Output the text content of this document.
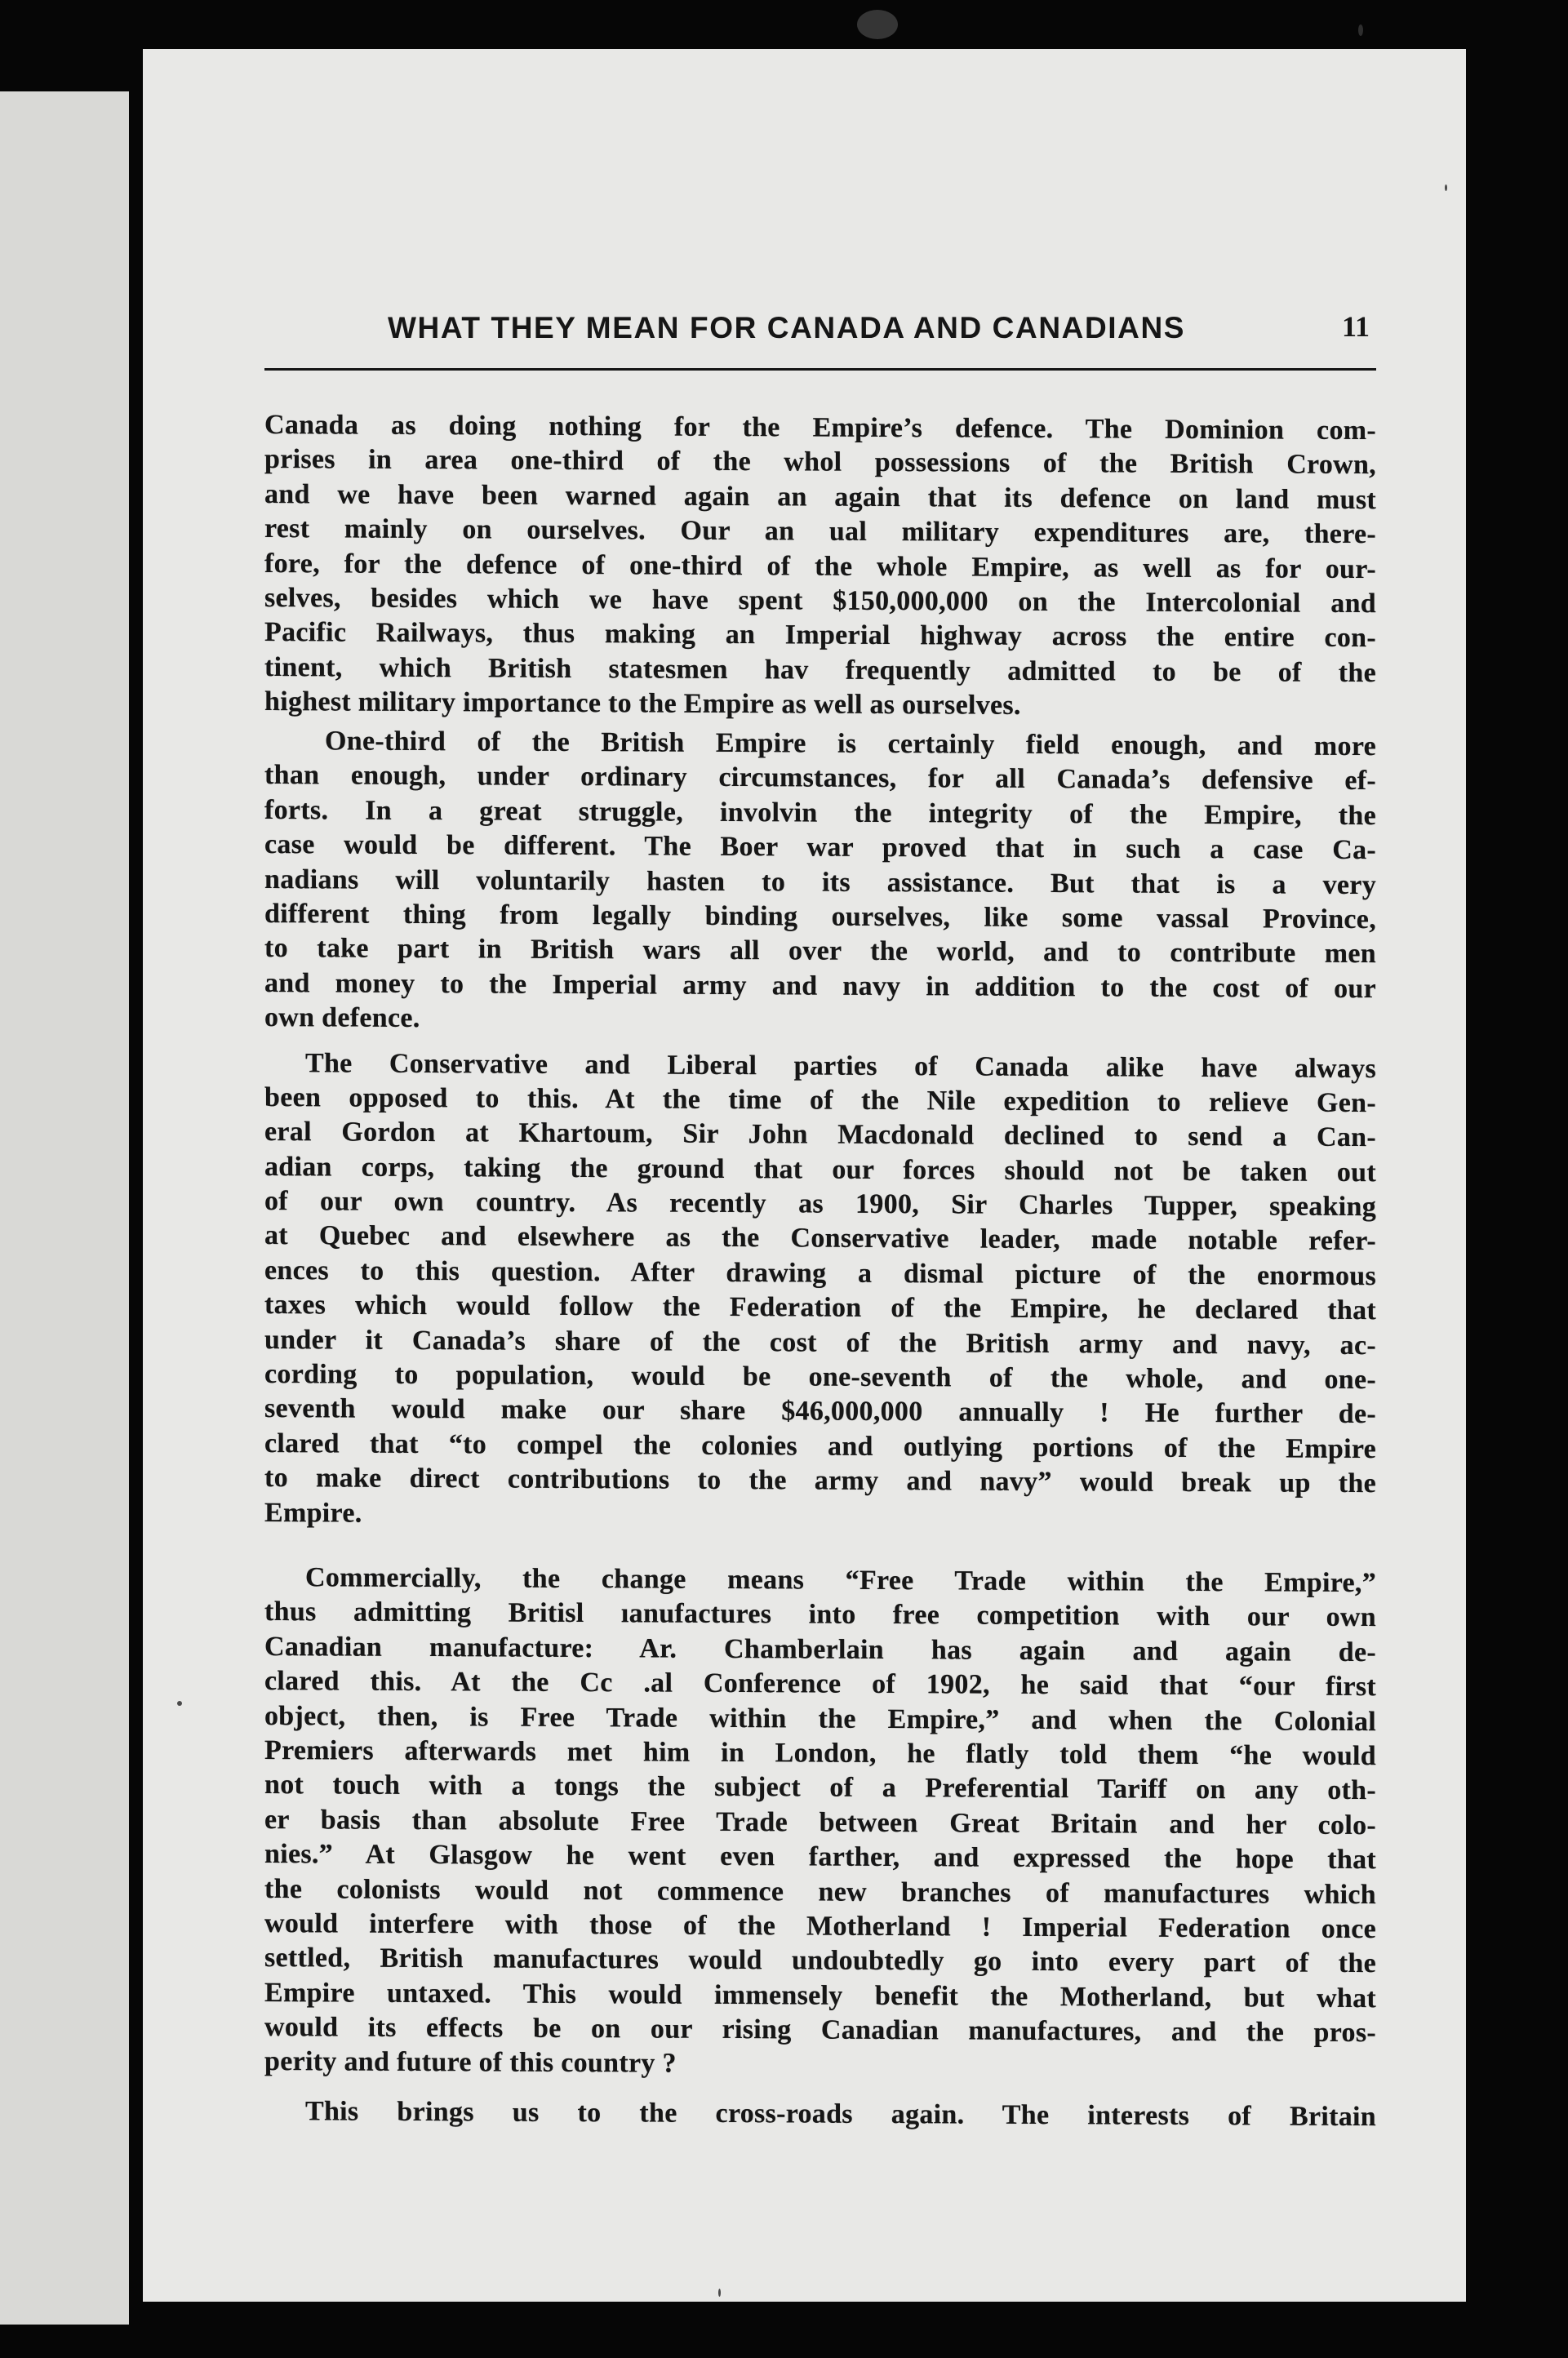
WHAT THEY MEAN FOR CANADA AND CANADIANS	11
Canada as doing nothing for the Empire’s defence. The Dominion com-
prises in area one-third of the whol possessions of the British Crown,
and we have been warned again an again that its defence on land must
rest mainly on ourselves. Our an ual military expenditures are, there-
fore, for the defence of one-third of the whole Empire, as well as for our-
selves, besides which we have spent $150,000,000 on the Intercolonial and
Pacific Railways, thus making an Imperial highway across the entire con-
tinent, which British statesmen hav frequently admitted to be of the
highest military importance to the Empire as well as ourselves.
One-third of the British Empire is certainly field enough, and more
than enough, under ordinary circumstances, for all Canada’s defensive ef-
forts. In a great struggle, involvin the integrity of the Empire, the
case would be different. The Boer war proved that in such a case Ca-
nadians will voluntarily hasten to its assistance. But that is a very
different thing from legally binding ourselves, like some vassal Province,
to take part in British wars all over the world, and to contribute men
and money to the Imperial army and navy in addition to the cost of our
own defence.
The Conservative and Liberal parties of Canada alike have always
been opposed to this. At the time of the Nile expedition to relieve Gen-
eral Gordon at Khartoum, Sir John Macdonald declined to send a Can-
adian corps, taking the ground that our forces should not be taken out
of our own country. As recently as 1900, Sir Charles Tupper, speaking
at Quebec and elsewhere as the Conservative leader, made notable refer-
ences to this question. After drawing a dismal picture of the enormous
taxes which would follow the Federation of the Empire, he declared that
under it Canada’s share of the cost of the British army and navy, ac-
cording to population, would be one-seventh of the whole, and one-
seventh would make our share $46,000,000 annually ! He further de-
clared that “to compel the colonies and outlying portions of the Empire
to make direct contributions to the army and navy” would break up the
Empire.
Commercially, the change means “Free Trade within the Empire,”
thus admitting Britisl ıanufactures into free competition with our own
Canadian manufacture: Ar. Chamberlain has again and again de-
clared this. At the Cc .al Conference of 1902, he said that “our first
object, then, is Free Trade within the Empire,” and when the Colonial
Premiers afterwards met him in London, he flatly told them “he would
not touch with a tongs the subject of a Preferential Tariff on any oth-
er basis than absolute Free Trade between Great Britain and her colo-
nies.” At Glasgow he went even farther, and expressed the hope that
the colonists would not commence new branches of manufactures which
would interfere with those of the Motherland ! Imperial Federation once
settled, British manufactures would undoubtedly go into every part of the
Empire untaxed. This would immensely benefit the Motherland, but what
would its effects be on our rising Canadian manufactures, and the pros-
perity and future of this country ?
This brings us to the cross-roads again. The interests of Britain
